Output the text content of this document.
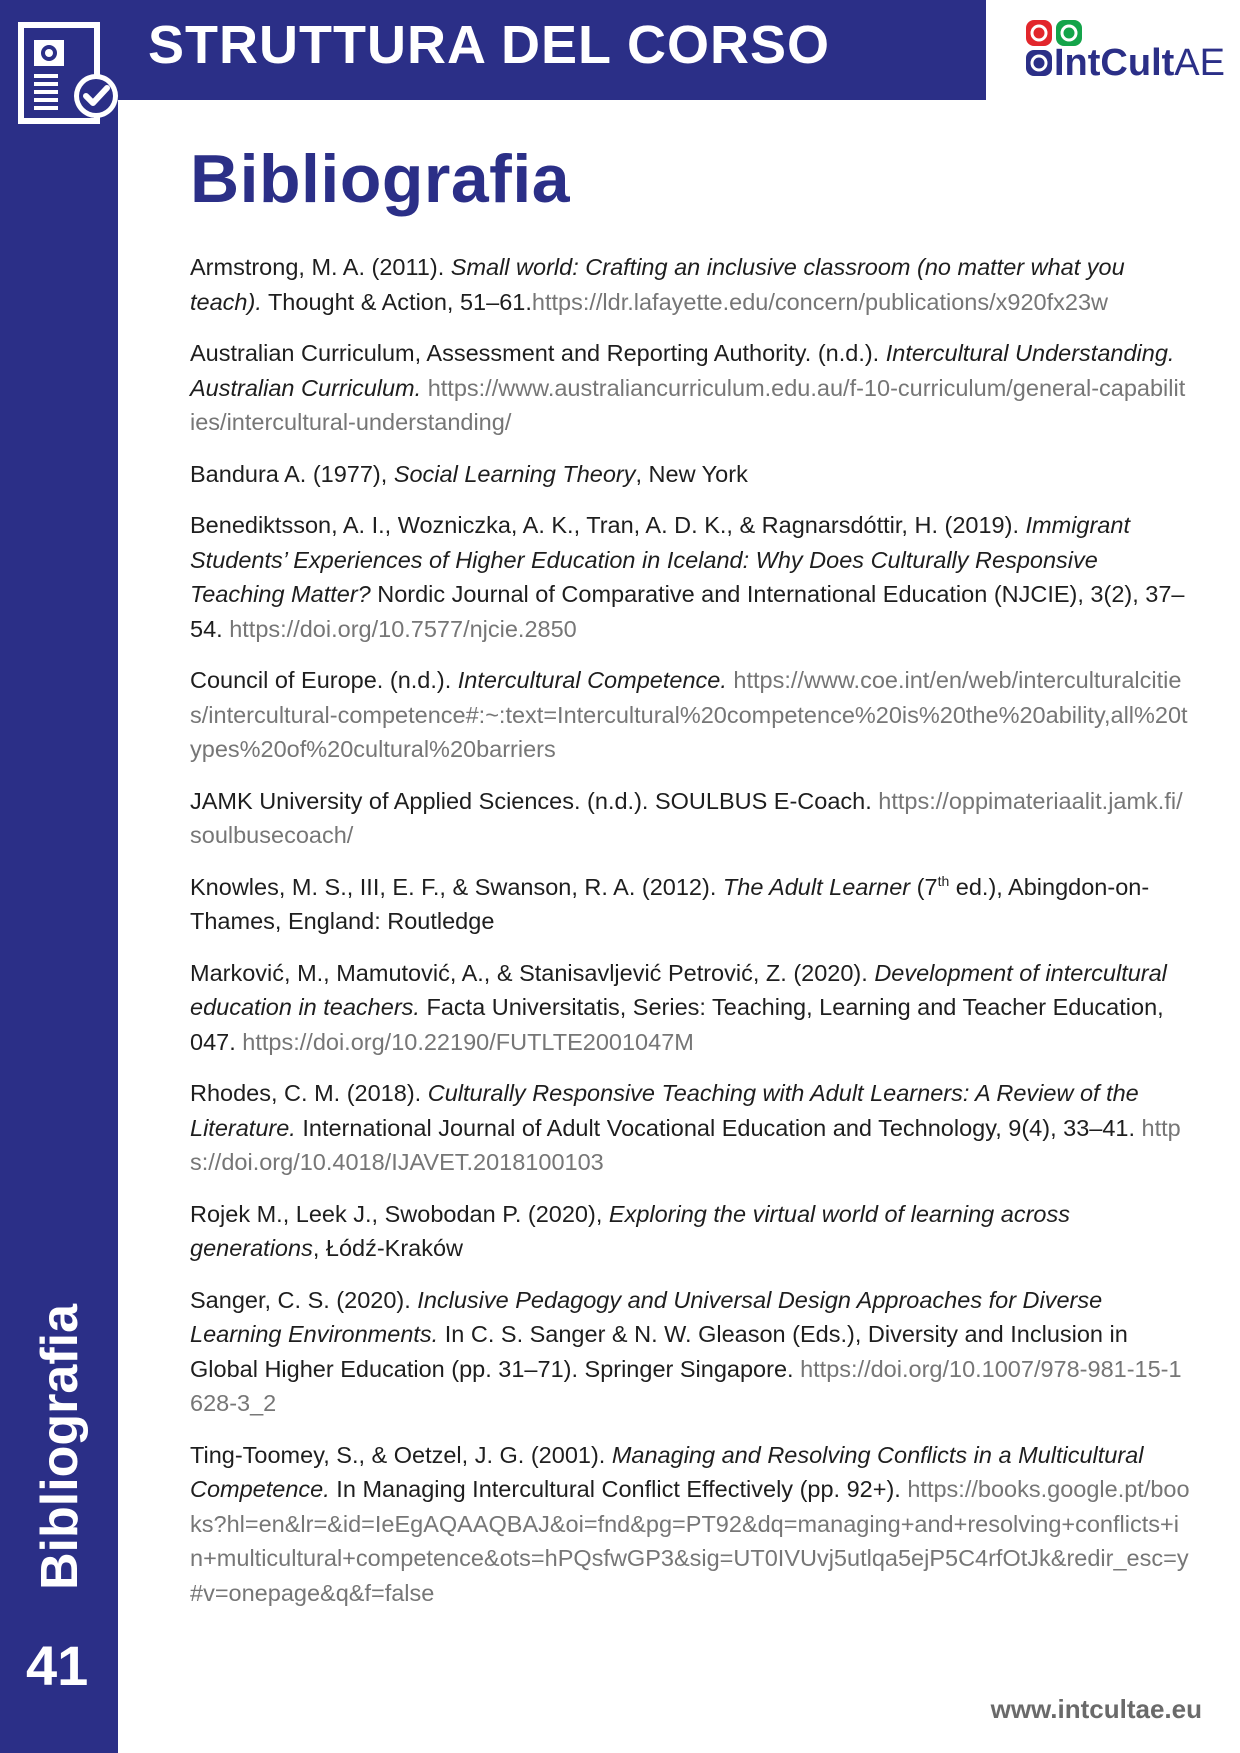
STRUTTURA DEL CORSO	IntCultAE
Bibliografia
Armstrong, M. A. (2011). Small world: Crafting an inclusive classroom (no matter what you teach). Thought & Action, 51–61.https://ldr.lafayette.edu/concern/publications/x920fx23w
Australian Curriculum, Assessment and Reporting Authority. (n.d.). Intercultural Understanding. Australian Curriculum. https://www.australiancurriculum.edu.au/f-10-curriculum/general-capabilities/intercultural-understanding/
Bandura A. (1977), Social Learning Theory, New York
Benediktsson, A. I., Wozniczka, A. K., Tran, A. D. K., & Ragnarsdóttir, H. (2019). Immigrant Students’ Experiences of Higher Education in Iceland: Why Does Culturally Responsive Teaching Matter? Nordic Journal of Comparative and International Education (NJCIE), 3(2), 37–54. https://doi.org/10.7577/njcie.2850
Council of Europe. (n.d.). Intercultural Competence. https://www.coe.int/en/web/interculturalcities/intercultural-competence#:~:text=Intercultural%20competence%20is%20the%20ability,all%20types%20of%20cultural%20barriers
JAMK University of Applied Sciences. (n.d.). SOULBUS E-Coach. https://oppimateriaalit.jamk.fi/soulbusecoach/
Knowles, M. S., III, E. F., & Swanson, R. A. (2012). The Adult Learner (7th ed.), Abingdon-on-Thames, England: Routledge
Marković, M., Mamutović, A., & Stanisavljević Petrović, Z. (2020). Development of intercultural education in teachers. Facta Universitatis, Series: Teaching, Learning and Teacher Education, 047. https://doi.org/10.22190/FUTLTE2001047M
Rhodes, C. M. (2018). Culturally Responsive Teaching with Adult Learners: A Review of the Literature. International Journal of Adult Vocational Education and Technology, 9(4), 33–41. https://doi.org/10.4018/IJAVET.2018100103
Rojek M., Leek J., Swobodan P. (2020), Exploring the virtual world of learning across generations, Łódź-Kraków
Sanger, C. S. (2020). Inclusive Pedagogy and Universal Design Approaches for Diverse Learning Environments. In C. S. Sanger & N. W. Gleason (Eds.), Diversity and Inclusion in Global Higher Education (pp. 31–71). Springer Singapore. https://doi.org/10.1007/978-981-15-1628-3_2
Ting-Toomey, S., & Oetzel, J. G. (2001). Managing and Resolving Conflicts in a Multicultural Competence. In Managing Intercultural Conflict Effectively (pp. 92+). https://books.google.pt/books?hl=en&lr=&id=IeEgAQAAQBAJ&oi=fnd&pg=PT92&dq=managing+and+resolving+conflicts+in+multicultural+competence&ots=hPQsfwGP3&sig=UT0IVUvj5utlqa5ejP5C4rfOtJk&redir_esc=y#v=onepage&q&f=false
Bibliografia
41
www.intcultae.eu
